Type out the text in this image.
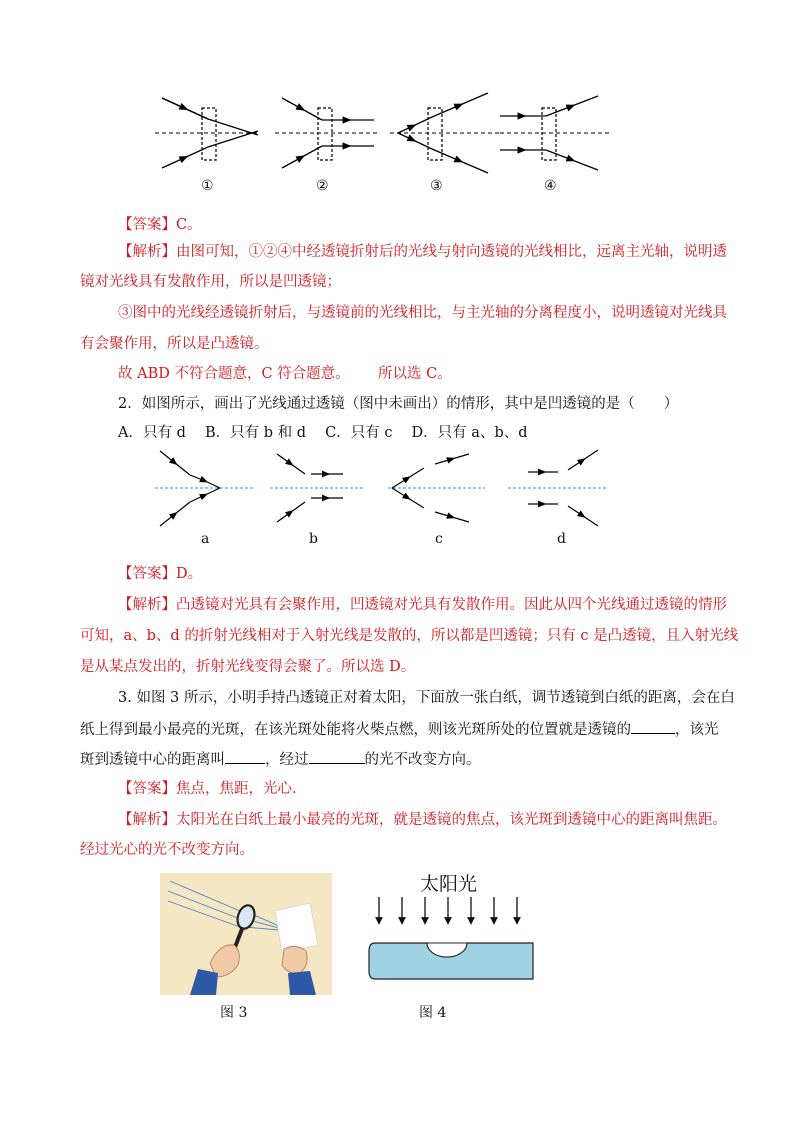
①	②	③	④
【答案】C。
【解析】由图可知，①②④中经透镜折射后的光线与射向透镜的光线相比，远离主光轴，说明透
镜对光线具有发散作用，所以是凹透镜；
③图中的光线经透镜折射后，与透镜前的光线相比，与主光轴的分离程度小，说明透镜对光线具
有会聚作用，所以是凸透镜。
故 ABD 不符合题意，C 符合题意。 所以选 C。
2．如图所示，画出了光线通过透镜（图中未画出）的情形，其中是凹透镜的是（　　）
A．只有 d　 B．只有 b 和 d　 C．只有 c　 D．只有 a、b、d
a	b	c	d
【答案】D。
【解析】凸透镜对光具有会聚作用，凹透镜对光具有发散作用。因此从四个光线通过透镜的情形
可知，a、b、d 的折射光线相对于入射光线是发散的，所以都是凹透镜；只有 c 是凸透镜，且入射光线
是从某点发出的，折射光线变得会聚了。所以选 D。
3. 如图 3 所示，小明手持凸透镜正对着太阳，下面放一张白纸，调节透镜到白纸的距离，会在白
纸上得到最小最亮的光斑，在该光斑处能将火柴点燃，则该光斑所处的位置就是透镜的	，该光
斑到透镜中心的距离叫	，经过	的光不改变方向。
【答案】焦点，焦距，光心.
【解析】太阳光在白纸上最小最亮的光斑，就是透镜的焦点，该光斑到透镜中心的距离叫焦距。
经过光心的光不改变方向。
图 3
太阳光
图 4
